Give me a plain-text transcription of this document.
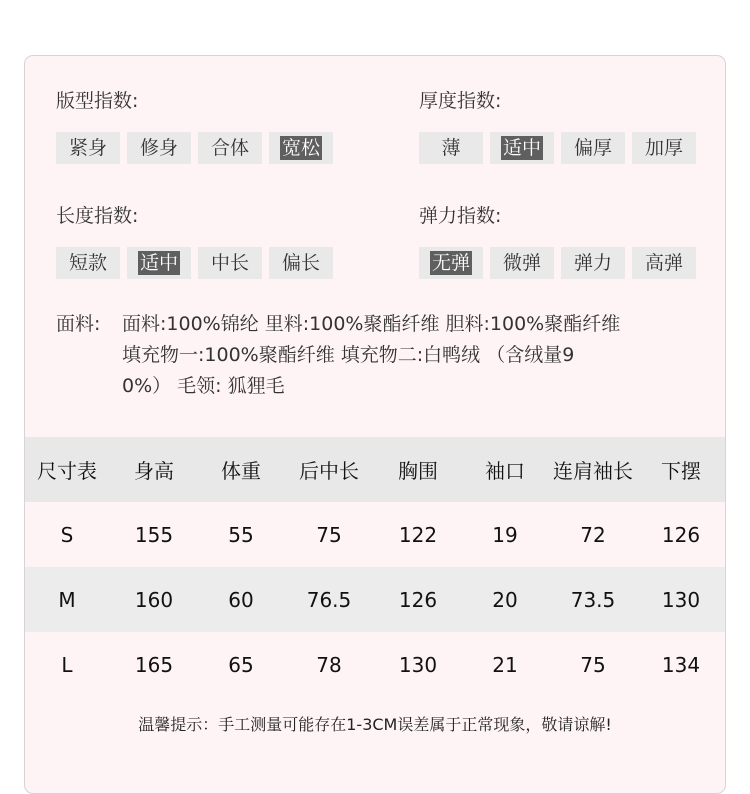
版型指数:
紧身	修身	合体	宽松
厚度指数:
薄	适中	偏厚	加厚
长度指数:
短款	适中	中长	偏长
弹力指数:
无弹	微弹	弹力	高弹
面料: 面料:100%锦纶 里料:100%聚酯纤维 胆料:100%聚酯纤维
填充物一:100%聚酯纤维 填充物二:白鸭绒 （含绒量9
0%） 毛领: 狐狸毛
尺寸表	身高	体重	后中长	胸围	袖口	连肩袖长	下摆
S	155	55	75	122	19	72	126
M	160	60	76.5	126	20	73.5	130
L	165	65	78	130	21	75	134
温馨提示：手工测量可能存在1-3CM误差属于正常现象，敬请谅解!
